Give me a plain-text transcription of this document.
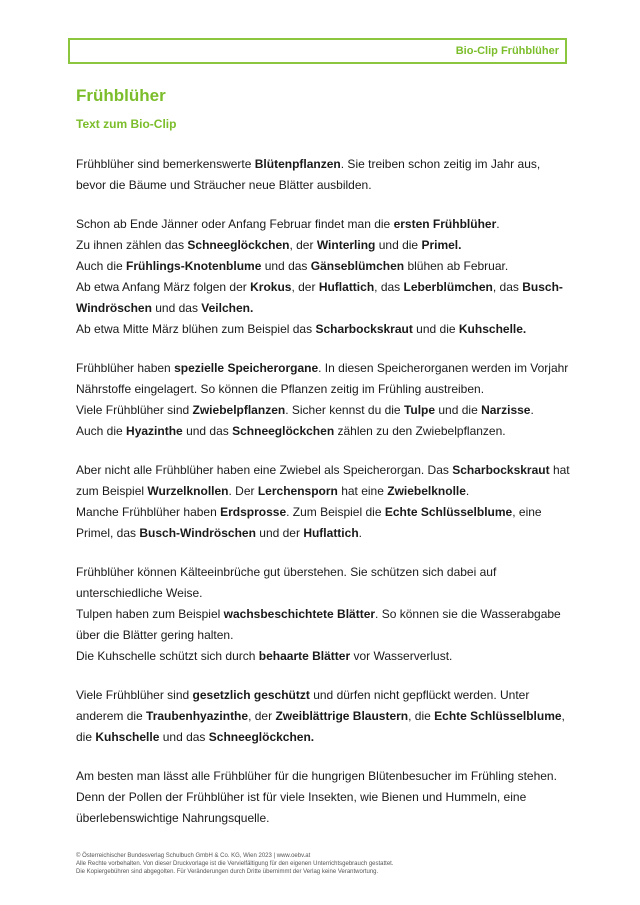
Bio-Clip Frühblüher
Frühblüher
Text zum Bio-Clip
Frühblüher sind bemerkenswerte Blütenpflanzen. Sie treiben schon zeitig im Jahr aus,
bevor die Bäume und Sträucher neue Blätter ausbilden.
Schon ab Ende Jänner oder Anfang Februar findet man die ersten Frühblüher.
Zu ihnen zählen das Schneeglöckchen, der Winterling und die Primel.
Auch die Frühlings-Knotenblume und das Gänseblümchen blühen ab Februar.
Ab etwa Anfang März folgen der Krokus, der Huflattich, das Leberblümchen, das Busch-
Windröschen und das Veilchen.
Ab etwa Mitte März blühen zum Beispiel das Scharbockskraut und die Kuhschelle.
Frühblüher haben spezielle Speicherorgane. In diesen Speicherorganen werden im Vorjahr
Nährstoffe eingelagert. So können die Pflanzen zeitig im Frühling austreiben.
Viele Frühblüher sind Zwiebelpflanzen. Sicher kennst du die Tulpe und die Narzisse.
Auch die Hyazinthe und das Schneeglöckchen zählen zu den Zwiebelpflanzen.
Aber nicht alle Frühblüher haben eine Zwiebel als Speicherorgan. Das Scharbockskraut hat
zum Beispiel Wurzelknollen. Der Lerchensporn hat eine Zwiebelknolle.
Manche Frühblüher haben Erdsprosse. Zum Beispiel die Echte Schlüsselblume, eine
Primel, das Busch-Windröschen und der Huflattich.
Frühblüher können Kälteeinbrüche gut überstehen. Sie schützen sich dabei auf
unterschiedliche Weise.
Tulpen haben zum Beispiel wachsbeschichtete Blätter. So können sie die Wasserabgabe
über die Blätter gering halten.
Die Kuhschelle schützt sich durch behaarte Blätter vor Wasserverlust.
Viele Frühblüher sind gesetzlich geschützt und dürfen nicht gepflückt werden. Unter
anderem die Traubenhyazinthe, der Zweiblättrige Blaustern, die Echte Schlüsselblume,
die Kuhschelle und das Schneeglöckchen.
Am besten man lässt alle Frühblüher für die hungrigen Blütenbesucher im Frühling stehen.
Denn der Pollen der Frühblüher ist für viele Insekten, wie Bienen und Hummeln, eine
überlebenswichtige Nahrungsquelle.
© Österreichischer Bundesverlag Schulbuch GmbH & Co. KG, Wien 2023 | www.oebv.at
Alle Rechte vorbehalten. Von dieser Druckvorlage ist die Vervielfältigung für den eigenen Unterrichtsgebrauch gestattet.
Die Kopiergebühren sind abgegolten. Für Veränderungen durch Dritte übernimmt der Verlag keine Verantwortung.
